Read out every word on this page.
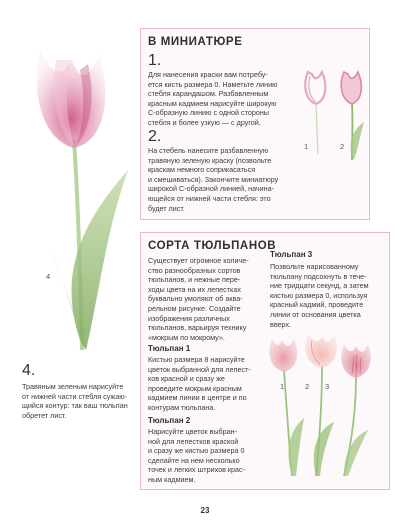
4
4.
Травяным зеленым нарисуйте
от нижней части стебля сужаю-
щийся контур: так ваш тюльпан
обретет лист.
В МИНИАТЮРЕ
1.
Для нанесения краски вам потребу-
ется кисть размера 0. Наметьте линию
стебля карандашом. Разбавленным
красным кадмием нарисуйте широкую
С-образную линию с одной стороны
стебля и более узкую — с другой.
2.
На стебель нанесите разбавленную
травяную зеленую краску (позвольте
краскам немного соприкасаться
и смешиваться). Закончите миниатюру
широкой С-образной линией, начина-
ющейся от нижней части стебля: это
будет лист.
1	2
СОРТА ТЮЛЬПАНОВ
Существует огромное количе-
ство разнообразных сортов
тюльпанов, и нежные пере-
ходы цвета на их лепестках
буквально умоляют об аква-
рельном рисунке. Создайте
изображения различных
тюльпанов, варьируя технику
«мокрым по мокрому».
Тюльпан 1
Кистью размера 8 нарисуйте
цветок выбранной для лепест-
ков красной и сразу же
проведите мокрым красным
кадмием линии в центре и по
контурам тюльпана.
Тюльпан 2
Нарисуйте цветок выбран-
ной для лепестков краской
и сразу же кистью размера 0
сделайте на нем несколько
точек и легких штрихов крас-
ным кадмием.
Тюльпан 3
Позвольте нарисованному
тюльпану подсохнуть в тече-
ние тридцати секунд, а затем
кистью размера 0, используя
красный кадмий, проведите
линии от основания цветка
вверх.
1	2 3
23
